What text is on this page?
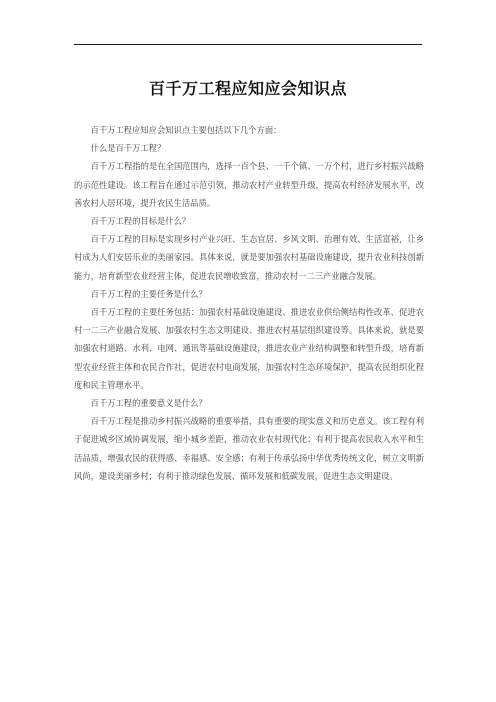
百千万工程应知应会知识点

百千万工程应知应会知识点主要包括以下几个方面：

什么是百千万工程？

百千万工程指的是在全国范围内，选择一百个县、一千个镇、一万个村，进行乡村振兴战略的示范性建设。该工程旨在通过示范引领，推动农村产业转型升级，提高农村经济发展水平，改善农村人居环境，提升农民生活品质。

百千万工程的目标是什么？

百千万工程的目标是实现乡村产业兴旺、生态宜居、乡风文明、治理有效、生活富裕，让乡村成为人们安居乐业的美丽家园。具体来说，就是要加强农村基础设施建设，提升农业科技创新能力，培育新型农业经营主体，促进农民增收致富，推动农村一二三产业融合发展。

百千万工程的主要任务是什么？

百千万工程的主要任务包括：加强农村基础设施建设、推进农业供给侧结构性改革、促进农村一二三产业融合发展、加强农村生态文明建设、推进农村基层组织建设等。具体来说，就是要加强农村道路、水利、电网、通讯等基础设施建设，推进农业产业结构调整和转型升级，培育新型农业经营主体和农民合作社，促进农村电商发展，加强农村生态环境保护，提高农民组织化程度和民主管理水平。

百千万工程的重要意义是什么？

百千万工程是推动乡村振兴战略的重要举措，具有重要的现实意义和历史意义。该工程有利于促进城乡区域协调发展，缩小城乡差距，推动农业农村现代化；有利于提高农民收入水平和生活品质，增强农民的获得感、幸福感、安全感；有利于传承弘扬中华优秀传统文化，树立文明新风尚，建设美丽乡村；有利于推动绿色发展、循环发展和低碳发展，促进生态文明建设。
